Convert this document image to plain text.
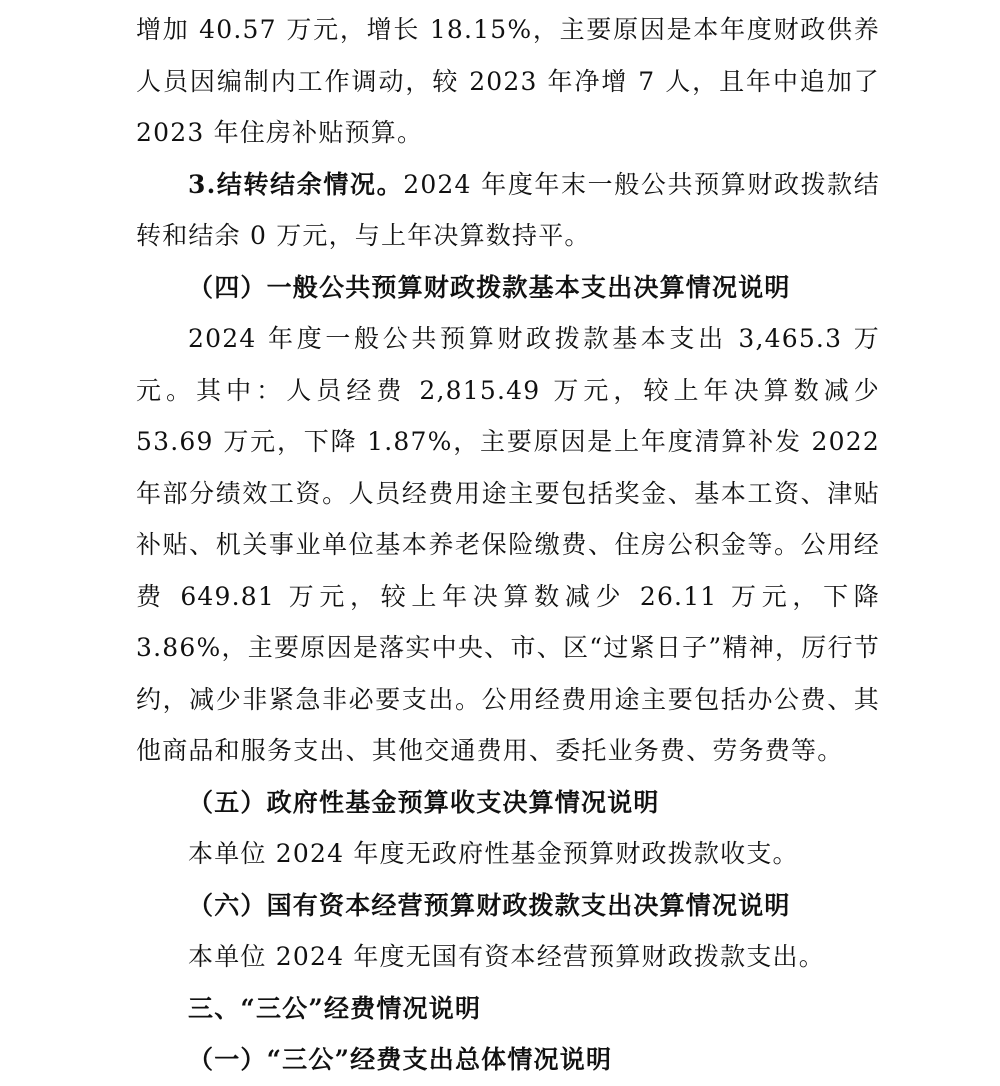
增加 40.57 万元，增长 18.15%，主要原因是本年度财政供养人员因编制内工作调动，较 2023 年净增 7 人，且年中追加了 2023 年住房补贴预算。

3.结转结余情况。2024 年度年末一般公共预算财政拨款结转和结余 0 万元，与上年决算数持平。

（四）一般公共预算财政拨款基本支出决算情况说明

2024 年度一般公共预算财政拨款基本支出 3,465.3 万元。其中：人员经费 2,815.49 万元，较上年决算数减少 53.69 万元，下降 1.87%，主要原因是上年度清算补发 2022 年部分绩效工资。人员经费用途主要包括奖金、基本工资、津贴补贴、机关事业单位基本养老保险缴费、住房公积金等。公用经费 649.81 万元，较上年决算数减少 26.11 万元，下降 3.86%，主要原因是落实中央、市、区“过紧日子”精神，厉行节约，减少非紧急非必要支出。公用经费用途主要包括办公费、其他商品和服务支出、其他交通费用、委托业务费、劳务费等。

（五）政府性基金预算收支决算情况说明

本单位 2024 年度无政府性基金预算财政拨款收支。

（六）国有资本经营预算财政拨款支出决算情况说明

本单位 2024 年度无国有资本经营预算财政拨款支出。

三、“三公”经费情况说明

（一）“三公”经费支出总体情况说明
